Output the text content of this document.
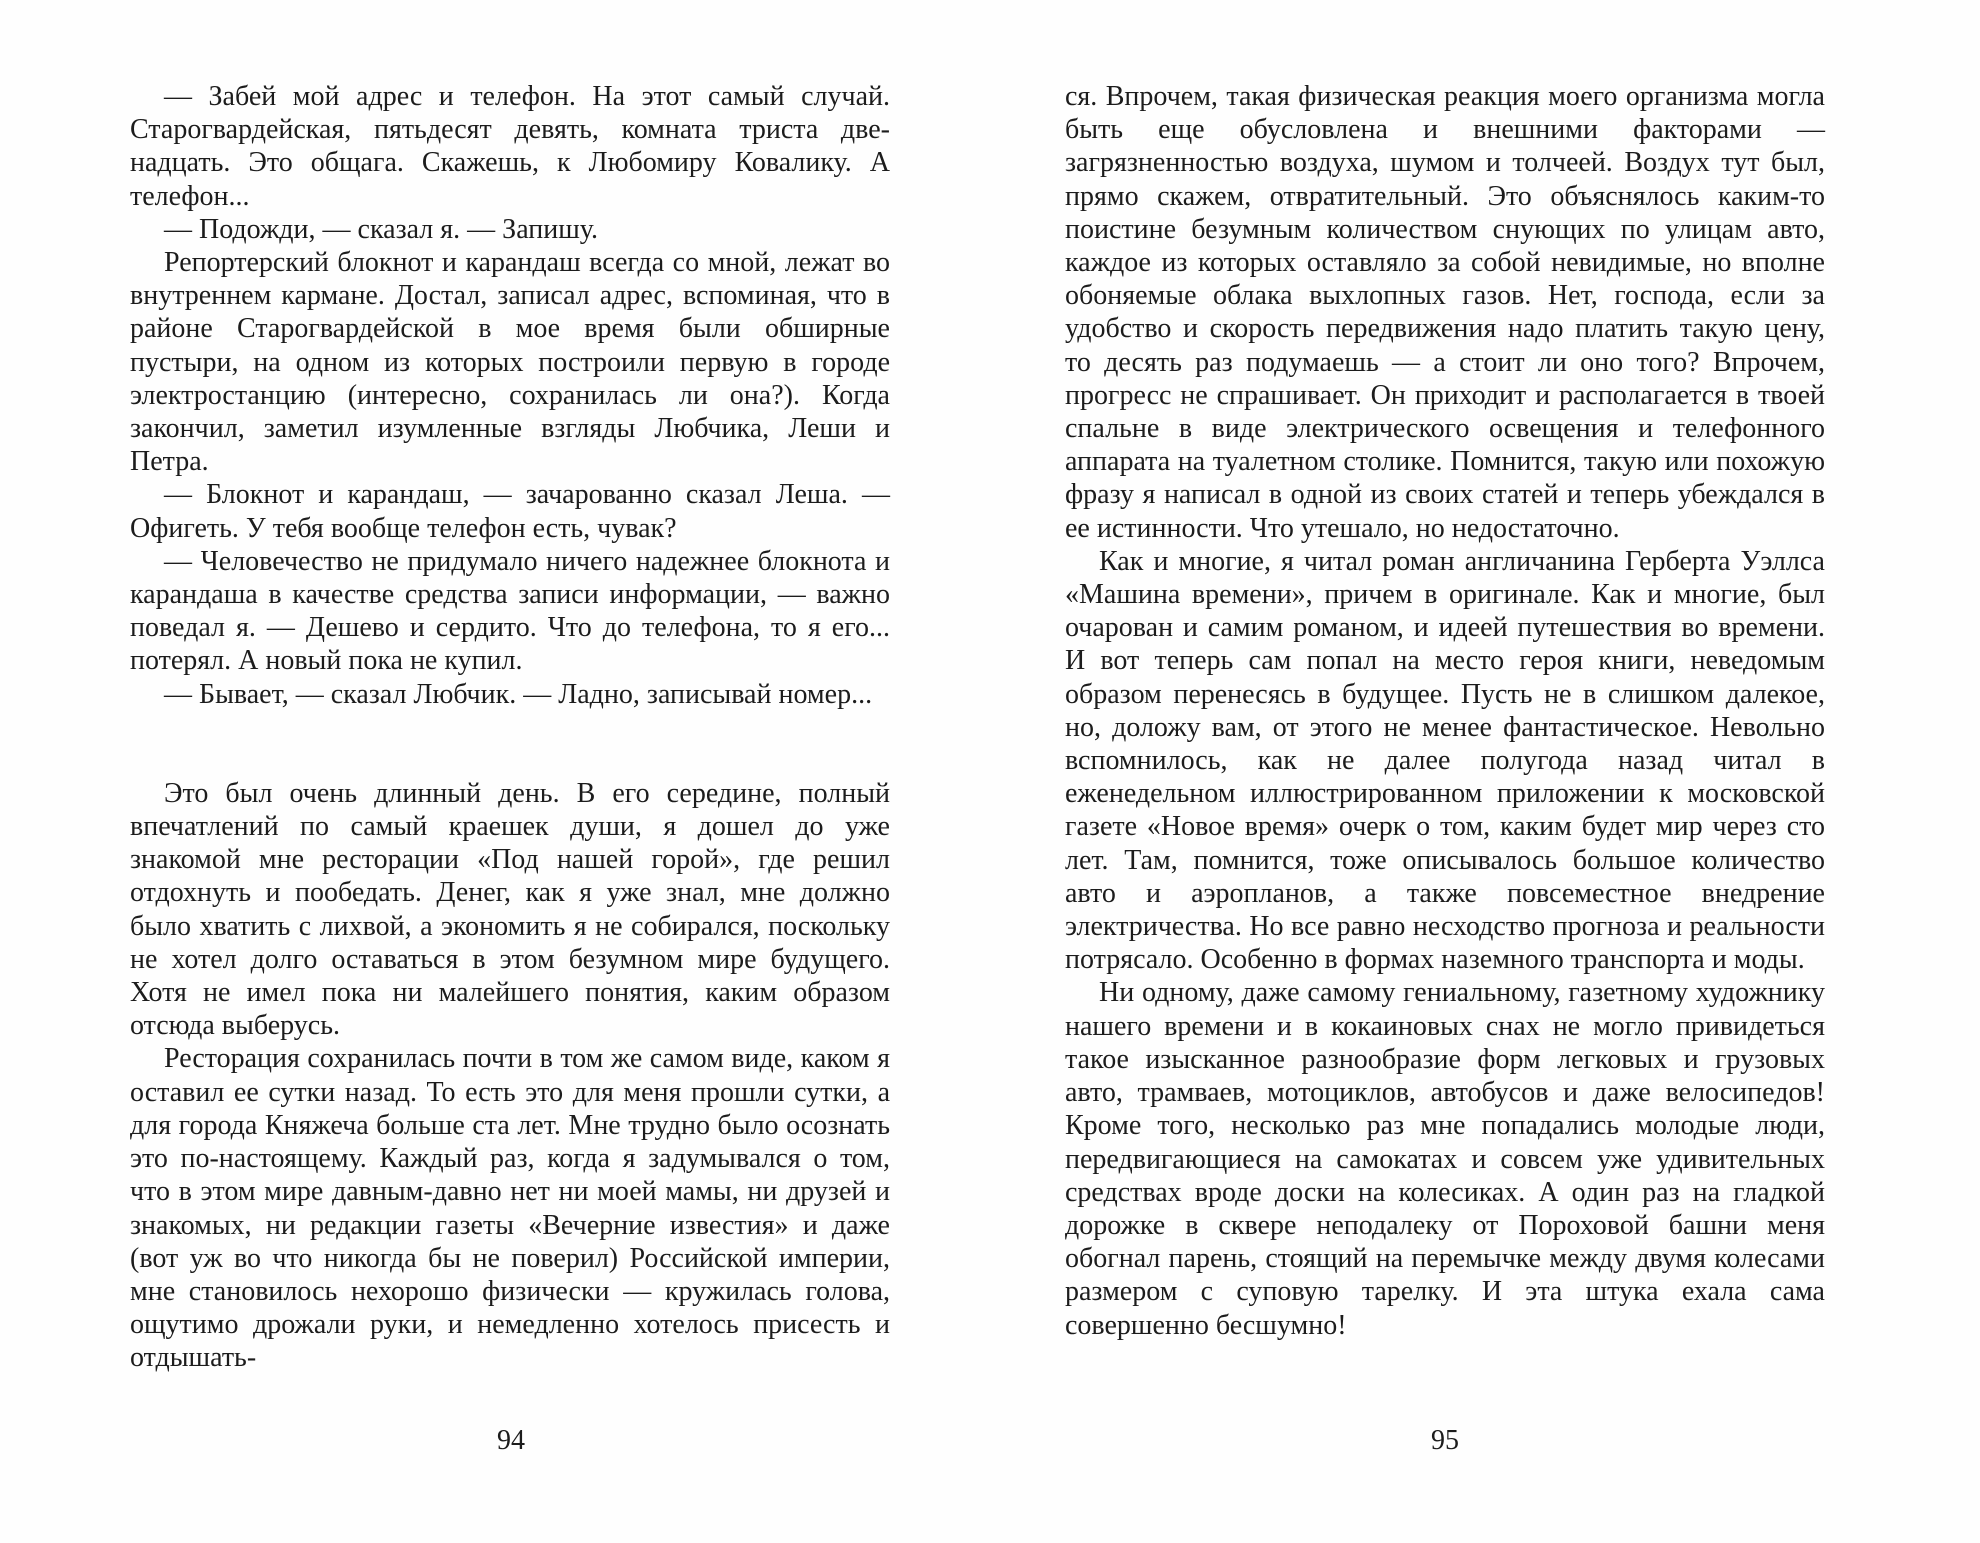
— Забей мой адрес и телефон. На этот самый случай. Старогвардейская, пятьдесят девять, комната триста двенадцать. Это общага. Скажешь, к Любомиру Ковалику. А телефон...

— Подожди, — сказал я. — Запишу.

Репортерский блокнот и карандаш всегда со мной, лежат во внутреннем кармане. Достал, записал адрес, вспоминая, что в районе Старогвардейской в мое время были обширные пустыри, на одном из которых построили первую в городе электростанцию (интересно, сохранилась ли она?). Когда закончил, заметил изумленные взгляды Любчика, Леши и Петра.

— Блокнот и карандаш, — зачарованно сказал Леша. — Офигеть. У тебя вообще телефон есть, чувак?

— Человечество не придумало ничего надежнее блокнота и карандаша в качестве средства записи информации, — важно поведал я. — Дешево и сердито. Что до телефона, то я его... потерял. А новый пока не купил.

— Бывает, — сказал Любчик. — Ладно, записывай номер...

Это был очень длинный день. В его середине, полный впечатлений по самый краешек души, я дошел до уже знакомой мне ресторации «Под нашей горой», где решил отдохнуть и пообедать. Денег, как я уже знал, мне должно было хватить с лихвой, а экономить я не собирался, поскольку не хотел долго оставаться в этом безумном мире будущего. Хотя не имел пока ни малейшего понятия, каким образом отсюда выберусь.

Ресторация сохранилась почти в том же самом виде, каком я оставил ее сутки назад. То есть это для меня прошли сутки, а для города Княжеча больше ста лет. Мне трудно было осознать это по-настоящему. Каждый раз, когда я задумывался о том, что в этом мире давным-давно нет ни моей мамы, ни друзей и знакомых, ни редакции газеты «Вечерние известия» и даже (вот уж во что никогда бы не поверил) Российской империи, мне становилось нехорошо физически — кружилась голова, ощутимо дрожали руки, и немедленно хотелось присесть и отдышать-

94

ся. Впрочем, такая физическая реакция моего организма могла быть еще обусловлена и внешними факторами — загрязненностью воздуха, шумом и толчеей. Воздух тут был, прямо скажем, отвратительный. Это объяснялось каким-то поистине безумным количеством снующих по улицам авто, каждое из которых оставляло за собой невидимые, но вполне обоняемые облака выхлопных газов. Нет, господа, если за удобство и скорость передвижения надо платить такую цену, то десять раз подумаешь — а стоит ли оно того? Впрочем, прогресс не спрашивает. Он приходит и располагается в твоей спальне в виде электрического освещения и телефонного аппарата на туалетном столике. Помнится, такую или похожую фразу я написал в одной из своих статей и теперь убеждался в ее истинности. Что утешало, но недостаточно.

Как и многие, я читал роман англичанина Герберта Уэллса «Машина времени», причем в оригинале. Как и многие, был очарован и самим романом, и идеей путешествия во времени. И вот теперь сам попал на место героя книги, неведомым образом перенесясь в будущее. Пусть не в слишком далекое, но, доложу вам, от этого не менее фантастическое. Невольно вспомнилось, как не далее полугода назад читал в еженедельном иллюстрированном приложении к московской газете «Новое время» очерк о том, каким будет мир через сто лет. Там, помнится, тоже описывалось большое количество авто и аэропланов, а также повсеместное внедрение электричества. Но все равно несходство прогноза и реальности потрясало. Особенно в формах наземного транспорта и моды.

Ни одному, даже самому гениальному, газетному художнику нашего времени и в кокаиновых снах не могло привидеться такое изысканное разнообразие форм легковых и грузовых авто, трамваев, мотоциклов, автобусов и даже велосипедов! Кроме того, несколько раз мне попадались молодые люди, передвигающиеся на самокатах и совсем уже удивительных средствах вроде доски на колесиках. А один раз на гладкой дорожке в сквере неподалеку от Пороховой башни меня обогнал парень, стоящий на перемычке между двумя колесами размером с суповую тарелку. И эта штука ехала сама совершенно бесшумно!

95
